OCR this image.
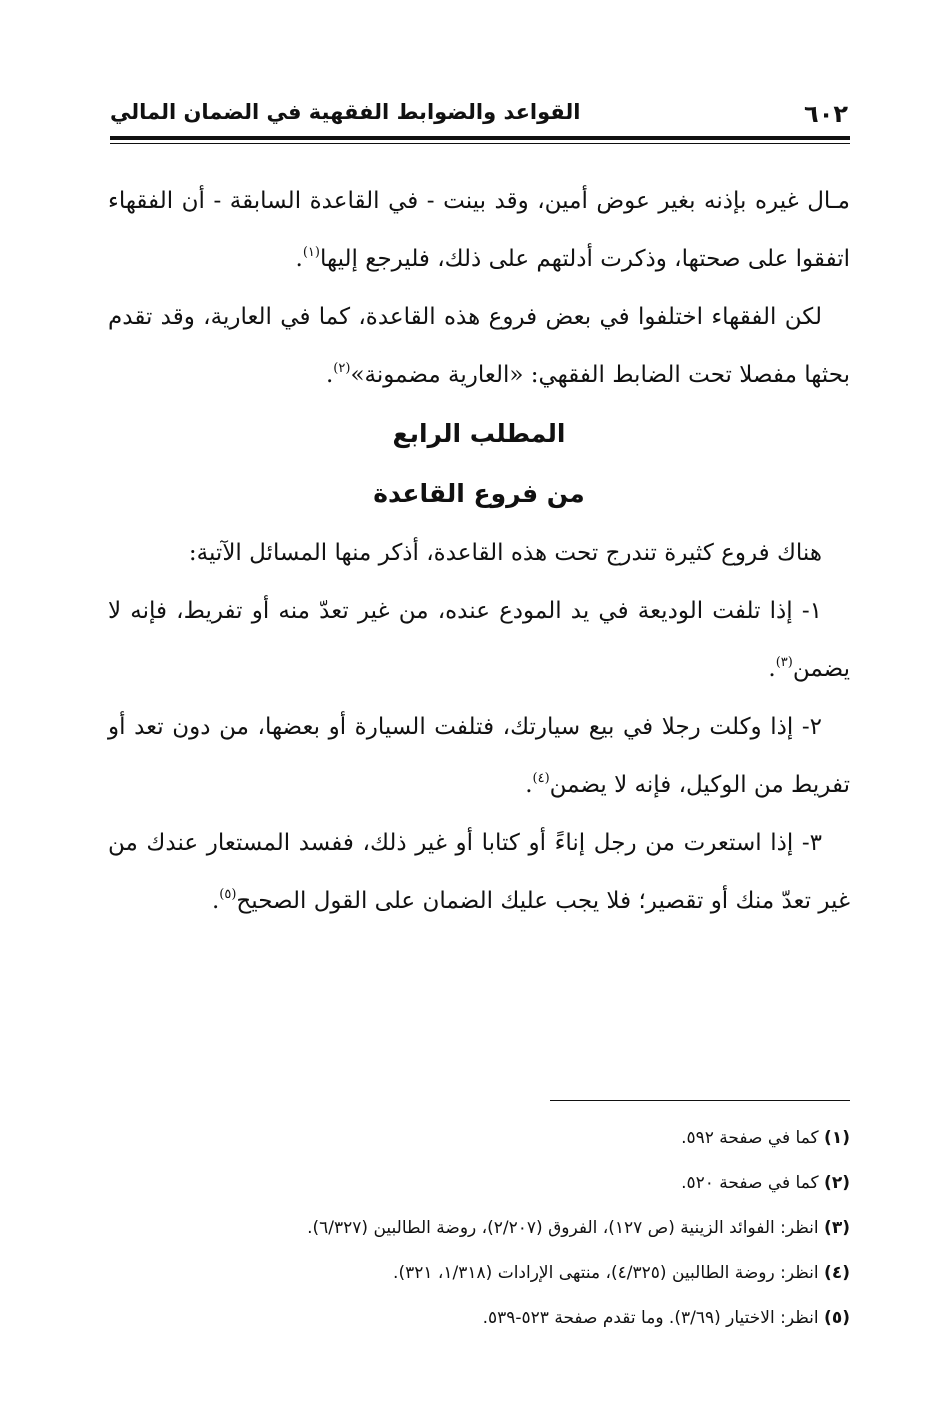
٦٠٢
القواعد والضوابط الفقهية في الضمان المالي

مـال غيره بإذنه بغير عوض أمين، وقد بينت - في القاعدة السابقة - أن الفقهاء اتفقوا على صحتها، وذكرت أدلتهم على ذلك، فليرجع إليها$^{(١)}$.

لكن الفقهاء اختلفوا في بعض فروع هذه القاعدة، كما في العارية، وقد تقدم بحثها مفصلا تحت الضابط الفقهي: «العارية مضمونة»$^{(٢)}$.

المطلب الرابع
من فروع القاعدة

هناك فروع كثيرة تندرج تحت هذه القاعدة، أذكر منها المسائل الآتية:

١- إذا تلفت الوديعة في يد المودع عنده، من غير تعدّ منه أو تفريط، فإنه لا يضمن$^{(٣)}$.

٢- إذا وكلت رجلا في بيع سيارتك، فتلفت السيارة أو بعضها، من دون تعد أو تفريط من الوكيل، فإنه لا يضمن$^{(٤)}$.

٣- إذا استعرت من رجل إناءً أو كتابا أو غير ذلك، ففسد المستعار عندك من غير تعدّ منك أو تقصير؛ فلا يجب عليك الضمان على القول الصحيح$^{(٥)}$.

(١) كما في صفحة ٥٩٢.

(٢) كما في صفحة ٥٢٠.

(٣) انظر: الفوائد الزينية (ص ١٢٧)، الفروق (٢/٢٠٧)، روضة الطالبين (٦/٣٢٧).

(٤) انظر: روضة الطالبين (٤/٣٢٥)، منتهى الإرادات (١/٣١٨، ٣٢١).

(٥) انظر: الاختيار (٣/٦٩). وما تقدم صفحة ٥٢٣-٥٣٩.
